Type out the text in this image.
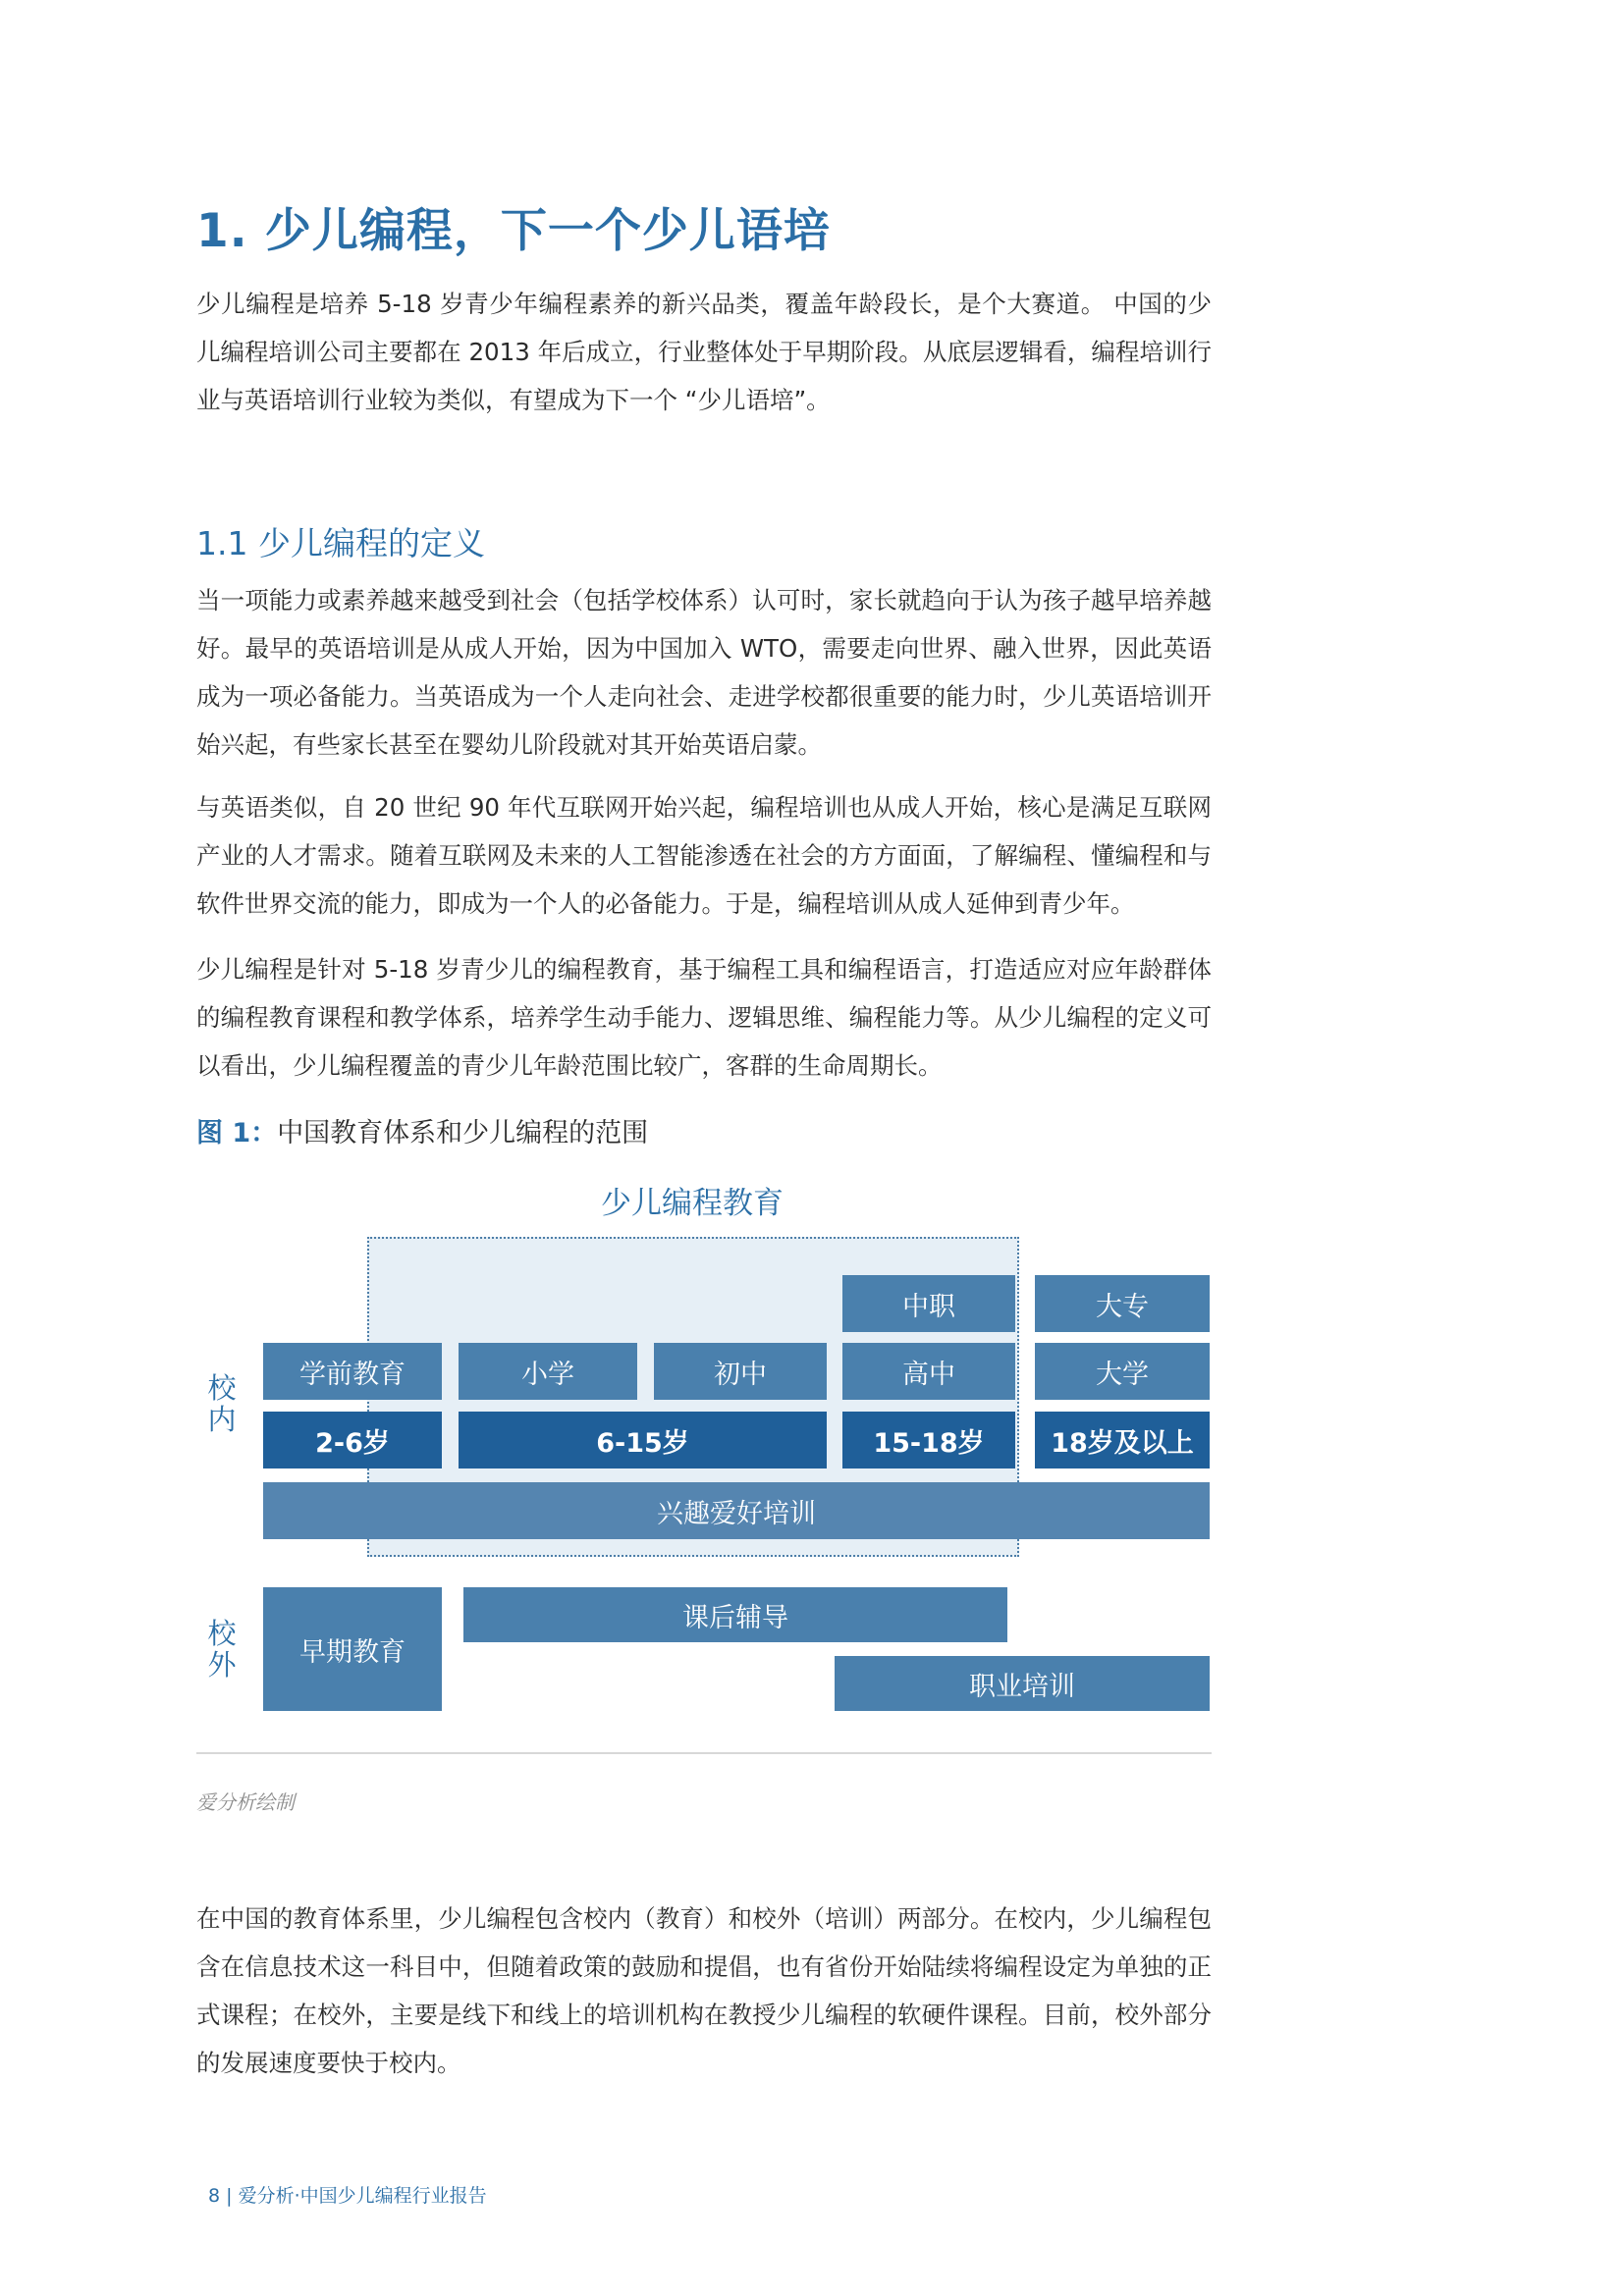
1. 少儿编程，下一个少儿语培

少儿编程是培养 5-18 岁青少年编程素养的新兴品类，覆盖年龄段长，是个大赛道。 中国的少儿编程培训公司主要都在 2013 年后成立，行业整体处于早期阶段。从底层逻辑看，编程培训行业与英语培训行业较为类似，有望成为下一个 “少儿语培”。

1.1 少儿编程的定义

当一项能力或素养越来越受到社会（包括学校体系）认可时，家长就趋向于认为孩子越早培养越好。最早的英语培训是从成人开始，因为中国加入 WTO，需要走向世界、融入世界，因此英语成为一项必备能力。当英语成为一个人走向社会、走进学校都很重要的能力时，少儿英语培训开始兴起，有些家长甚至在婴幼儿阶段就对其开始英语启蒙。

与英语类似，自 20 世纪 90 年代互联网开始兴起，编程培训也从成人开始，核心是满足互联网产业的人才需求。随着互联网及未来的人工智能渗透在社会的方方面面，了解编程、懂编程和与软件世界交流的能力，即成为一个人的必备能力。于是，编程培训从成人延伸到青少年。

少儿编程是针对 5-18 岁青少儿的编程教育，基于编程工具和编程语言，打造适应对应年龄群体的编程教育课程和教学体系，培养学生动手能力、逻辑思维、编程能力等。从少儿编程的定义可以看出，少儿编程覆盖的青少儿年龄范围比较广，客群的生命周期长。

图 1：中国教育体系和少儿编程的范围
少儿编程教育
校内
校外
中职	大专
学前教育	小学	初中	高中	大学
2-6岁	6-15岁	15-18岁	18岁及以上
兴趣爱好培训
早期教育
课后辅导
职业培训
爱分析绘制

在中国的教育体系里，少儿编程包含校内（教育）和校外（培训）两部分。在校内，少儿编程包含在信息技术这一科目中，但随着政策的鼓励和提倡，也有省份开始陆续将编程设定为单独的正式课程；在校外，主要是线下和线上的培训机构在教授少儿编程的软硬件课程。目前，校外部分的发展速度要快于校内。

8 | 爱分析·中国少儿编程行业报告
